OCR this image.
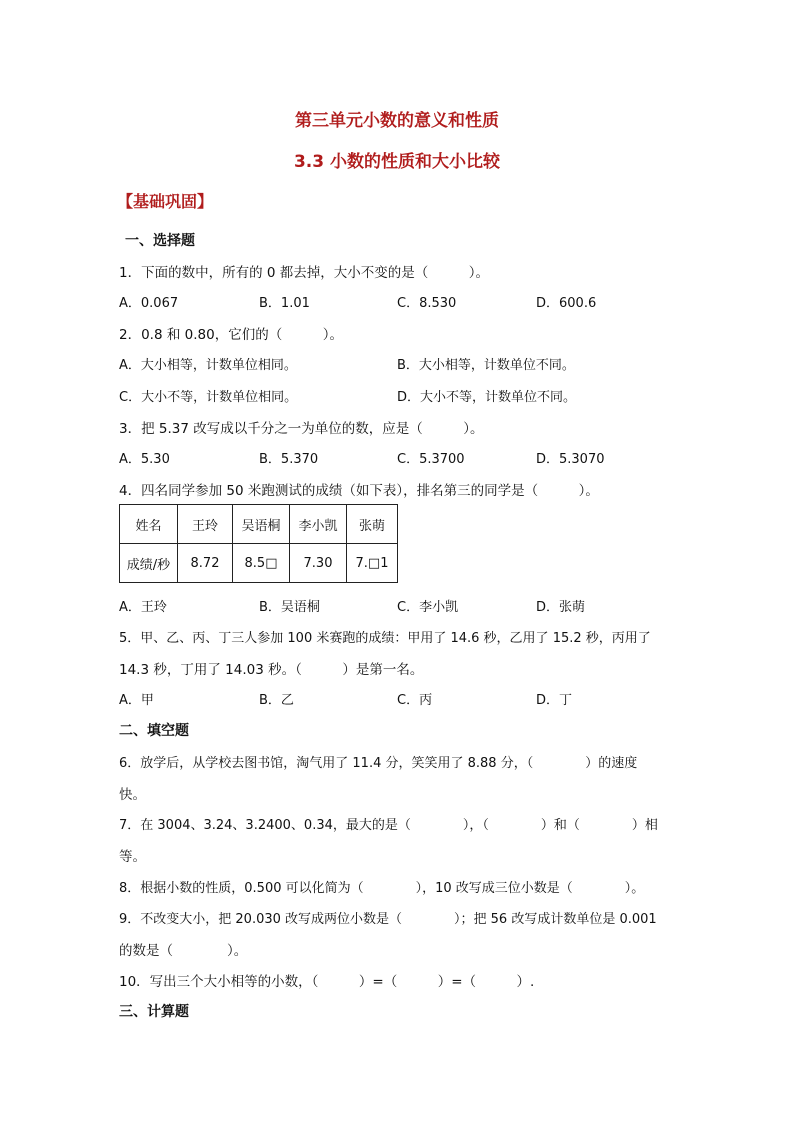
第三单元小数的意义和性质
3.3 小数的性质和大小比较
【基础巩固】
一、选择题
1．下面的数中，所有的 0 都去掉，大小不变的是（　　　）。
A．0.067	B．1.01	C．8.530	D．600.6
2．0.8 和 0.80，它们的（　　　）。
A．大小相等，计数单位相同。	B．大小相等，计数单位不同。
C．大小不等，计数单位相同。	D．大小不等，计数单位不同。
3．把 5.37 改写成以千分之一为单位的数，应是（　　　）。
A．5.30	B．5.370	C．5.3700	D．5.3070
4．四名同学参加 50 米跑测试的成绩（如下表），排名第三的同学是（　　　）。
姓名	王玲	吴语桐	李小凯	张萌
成绩/秒	8.72	8.5□	7.30	7.□1
A．王玲	B．吴语桐	C．李小凯	D．张萌
5．甲、乙、丙、丁三人参加 100 米赛跑的成绩：甲用了 14.6 秒，乙用了 15.2 秒，丙用了
14.3 秒，丁用了 14.03 秒。（　　　）是第一名。
A．甲	B．乙	C．丙	D．丁
二、填空题
6．放学后，从学校去图书馆，淘气用了 11.4 分，笑笑用了 8.88 分，（　　　　）的速度
快。
7．在 3004、3.24、3.2400、0.34，最大的是（　　　　），（　　　　）和（　　　　）相
等。
8．根据小数的性质，0.500 可以化简为（　　　　），10 改写成三位小数是（　　　　）。
9．不改变大小，把 20.030 改写成两位小数是（　　　　）；把 56 改写成计数单位是 0.001
的数是（　　　　）。
10．写出三个大小相等的小数，（　　　）=（　　　）=（　　　）.
三、计算题
